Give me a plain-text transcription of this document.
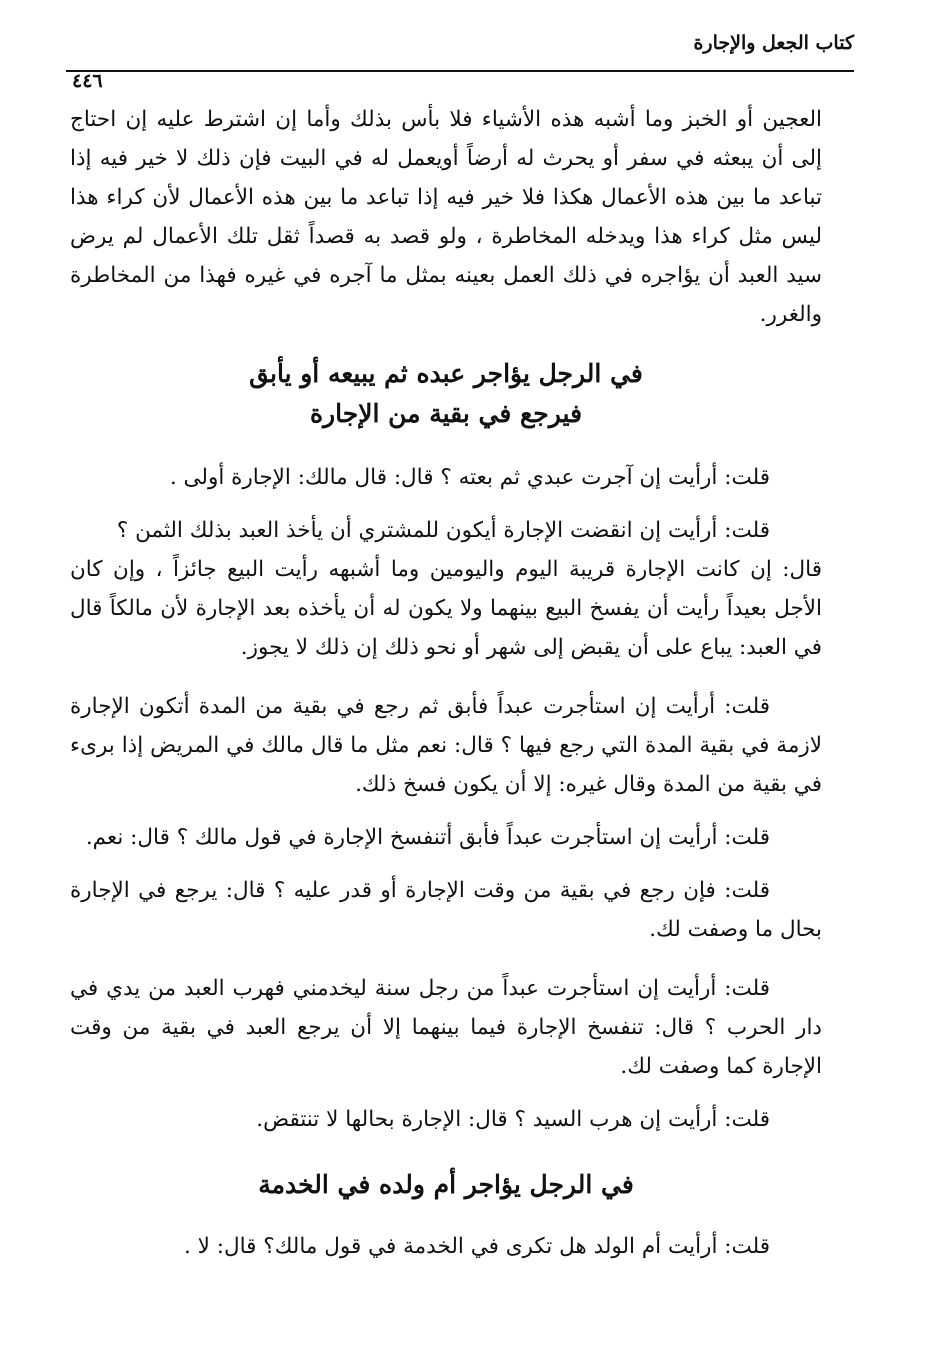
كتاب الجعل والإجارة
٤٤٦

العجين أو الخبز وما أشبه هذه الأشياء فلا بأس بذلك وأما إن اشترط عليه إن احتاج إلى أن يبعثه في سفر أو يحرث له أرضاً أويعمل له في البيت فإن ذلك لا خير فيه إذا تباعد ما بين هذه الأعمال هكذا فلا خير فيه إذا تباعد ما بين هذه الأعمال لأن كراء هذا ليس مثل كراء هذا ويدخله المخاطرة ، ولو قصد به قصداً ثقل تلك الأعمال لم يرض سيد العبد أن يؤاجره في ذلك العمل بعينه بمثل ما آجره في غيره فهذا من المخاطرة والغرر.

في الرجل يؤاجر عبده ثم يبيعه أو يأبق

فيرجع في بقية من الإجارة

قلت: أرأيت إن آجرت عبدي ثم بعته ؟ قال: قال مالك: الإجارة أولى .

قلت: أرأيت إن انقضت الإجارة أيكون للمشتري أن يأخذ العبد بذلك الثمن ؟

قال: إن كانت الإجارة قريبة اليوم واليومين وما أشبهه رأيت البيع جائزاً ، وإن كان الأجل بعيداً رأيت أن يفسخ البيع بينهما ولا يكون له أن يأخذه بعد الإجارة لأن مالكاً قال في العبد: يباع على أن يقبض إلى شهر أو نحو ذلك إن ذلك لا يجوز.

قلت: أرأيت إن استأجرت عبداً فأبق ثم رجع في بقية من المدة أتكون الإجارة لازمة في بقية المدة التي رجع فيها ؟ قال: نعم مثل ما قال مالك في المريض إذا برىء في بقية من المدة وقال غيره: إلا أن يكون فسخ ذلك.

قلت: أرأيت إن استأجرت عبداً فأبق أتنفسخ الإجارة في قول مالك ؟ قال: نعم.

قلت: فإن رجع في بقية من وقت الإجارة أو قدر عليه ؟ قال: يرجع في الإجارة بحال ما وصفت لك.

قلت: أرأيت إن استأجرت عبداً من رجل سنة ليخدمني فهرب العبد من يدي في دار الحرب ؟ قال: تنفسخ الإجارة فيما بينهما إلا أن يرجع العبد في بقية من وقت الإجارة كما وصفت لك.

قلت: أرأيت إن هرب السيد ؟ قال: الإجارة بحالها لا تنتقض.

في الرجل يؤاجر أم ولده في الخدمة

قلت: أرأيت أم الولد هل تكرى في الخدمة في قول مالك؟ قال: لا .
